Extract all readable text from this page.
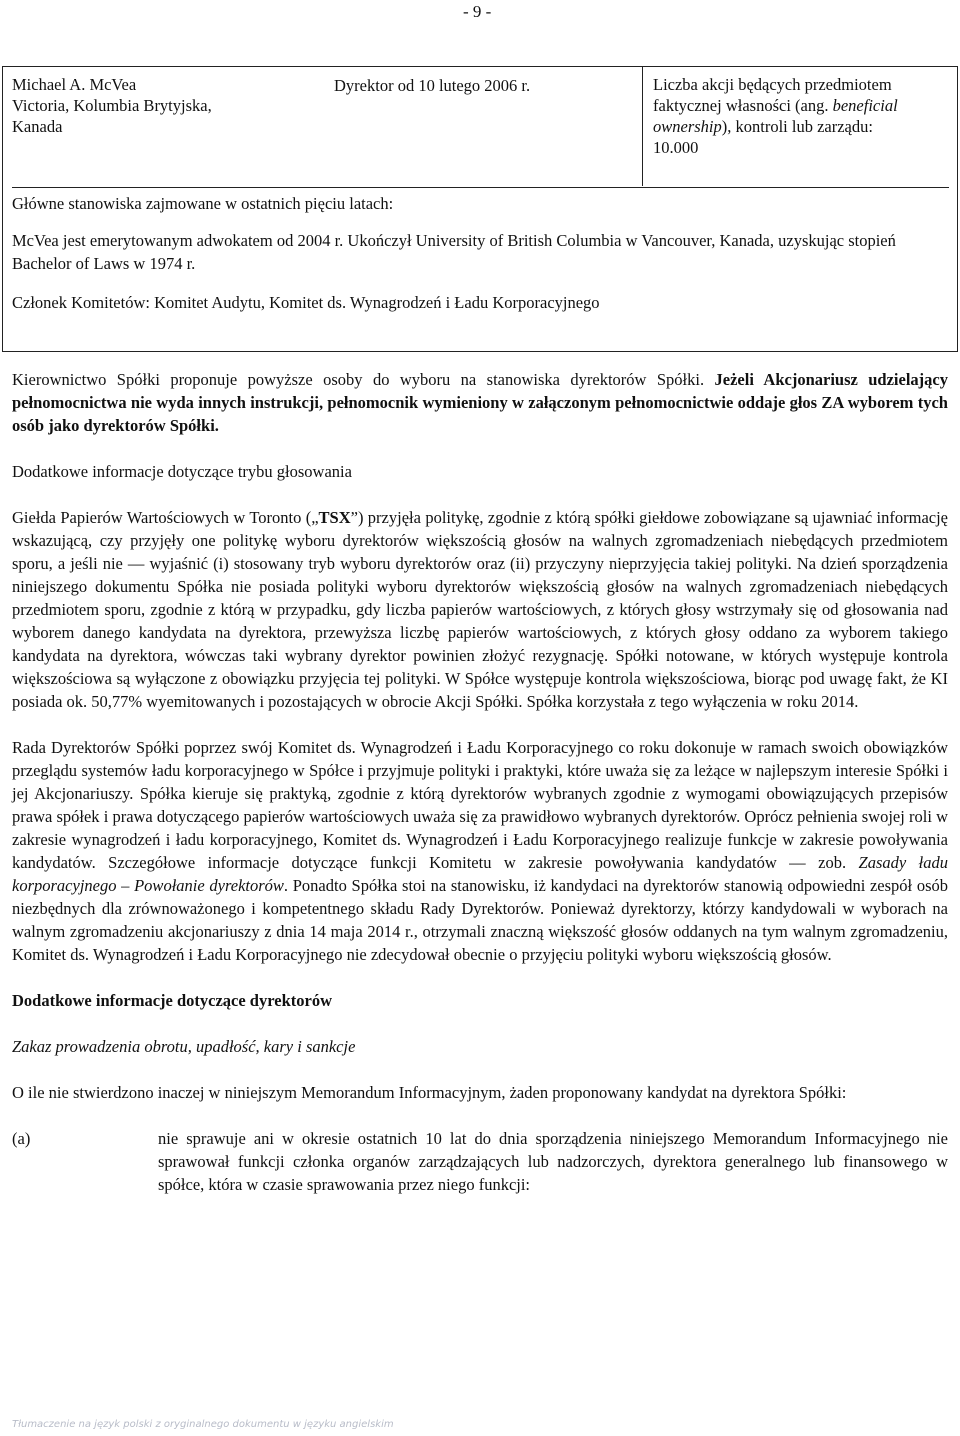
- 9 -
Michael A. McVea
Victoria, Kolumbia Brytyjska,
Kanada
Dyrektor od 10 lutego 2006 r.	Liczba akcji będących przedmiotem faktycznej własności (ang. beneficial ownership), kontroli lub zarządu:
10.000

Główne stanowiska zajmowane w ostatnich pięciu latach:

McVea jest emerytowanym adwokatem od 2004 r. Ukończył University of British Columbia w Vancouver, Kanada, uzyskując stopień Bachelor of Laws w 1974 r.

Członek Komitetów: Komitet Audytu, Komitet ds. Wynagrodzeń i Ładu Korporacyjnego

Kierownictwo Spółki proponuje powyższe osoby do wyboru na stanowiska dyrektorów Spółki. Jeżeli Akcjonariusz udzielający pełnomocnictwa nie wyda innych instrukcji, pełnomocnik wymieniony w załączonym pełnomocnictwie oddaje głos ZA wyborem tych osób jako dyrektorów Spółki.

Dodatkowe informacje dotyczące trybu głosowania

Giełda Papierów Wartościowych w Toronto („TSX”) przyjęła politykę, zgodnie z którą spółki giełdowe zobowiązane są ujawniać informację wskazującą, czy przyjęły one politykę wyboru dyrektorów większością głosów na walnych zgromadzeniach niebędących przedmiotem sporu, a jeśli nie — wyjaśnić (i) stosowany tryb wyboru dyrektorów oraz (ii) przyczyny nieprzyjęcia takiej polityki. Na dzień sporządzenia niniejszego dokumentu Spółka nie posiada polityki wyboru dyrektorów większością głosów na walnych zgromadzeniach niebędących przedmiotem sporu, zgodnie z którą w przypadku, gdy liczba papierów wartościowych, z których głosy wstrzymały się od głosowania nad wyborem danego kandydata na dyrektora, przewyższa liczbę papierów wartościowych, z których głosy oddano za wyborem takiego kandydata na dyrektora, wówczas taki wybrany dyrektor powinien złożyć rezygnację. Spółki notowane, w których występuje kontrola większościowa są wyłączone z obowiązku przyjęcia tej polityki. W Spółce występuje kontrola większościowa, biorąc pod uwagę fakt, że KI posiada ok. 50,77% wyemitowanych i pozostających w obrocie Akcji Spółki. Spółka korzystała z tego wyłączenia w roku 2014.

Rada Dyrektorów Spółki poprzez swój Komitet ds. Wynagrodzeń i Ładu Korporacyjnego co roku dokonuje w ramach swoich obowiązków przeglądu systemów ładu korporacyjnego w Spółce i przyjmuje polityki i praktyki, które uważa się za leżące w najlepszym interesie Spółki i jej Akcjonariuszy. Spółka kieruje się praktyką, zgodnie z którą dyrektorów wybranych zgodnie z wymogami obowiązujących przepisów prawa spółek i prawa dotyczącego papierów wartościowych uważa się za prawidłowo wybranych dyrektorów. Oprócz pełnienia swojej roli w zakresie wynagrodzeń i ładu korporacyjnego, Komitet ds. Wynagrodzeń i Ładu Korporacyjnego realizuje funkcje w zakresie powoływania kandydatów. Szczegółowe informacje dotyczące funkcji Komitetu w zakresie powoływania kandydatów — zob. Zasady ładu korporacyjnego – Powołanie dyrektorów. Ponadto Spółka stoi na stanowisku, iż kandydaci na dyrektorów stanowią odpowiedni zespół osób niezbędnych dla zrównoważonego i kompetentnego składu Rady Dyrektorów. Ponieważ dyrektorzy, którzy kandydowali w wyborach na walnym zgromadzeniu akcjonariuszy z dnia 14 maja 2014 r., otrzymali znaczną większość głosów oddanych na tym walnym zgromadzeniu, Komitet ds. Wynagrodzeń i Ładu Korporacyjnego nie zdecydował obecnie o przyjęciu polityki wyboru większością głosów.

Dodatkowe informacje dotyczące dyrektorów

Zakaz prowadzenia obrotu, upadłość, kary i sankcje

O ile nie stwierdzono inaczej w niniejszym Memorandum Informacyjnym, żaden proponowany kandydat na dyrektora Spółki:

(a)	nie sprawuje ani w okresie ostatnich 10 lat do dnia sporządzenia niniejszego Memorandum Informacyjnego nie sprawował funkcji członka organów zarządzających lub nadzorczych, dyrektora generalnego lub finansowego w spółce, która w czasie sprawowania przez niego funkcji:
Tłumaczenie na język polski z oryginalnego dokumentu w języku angielskim
